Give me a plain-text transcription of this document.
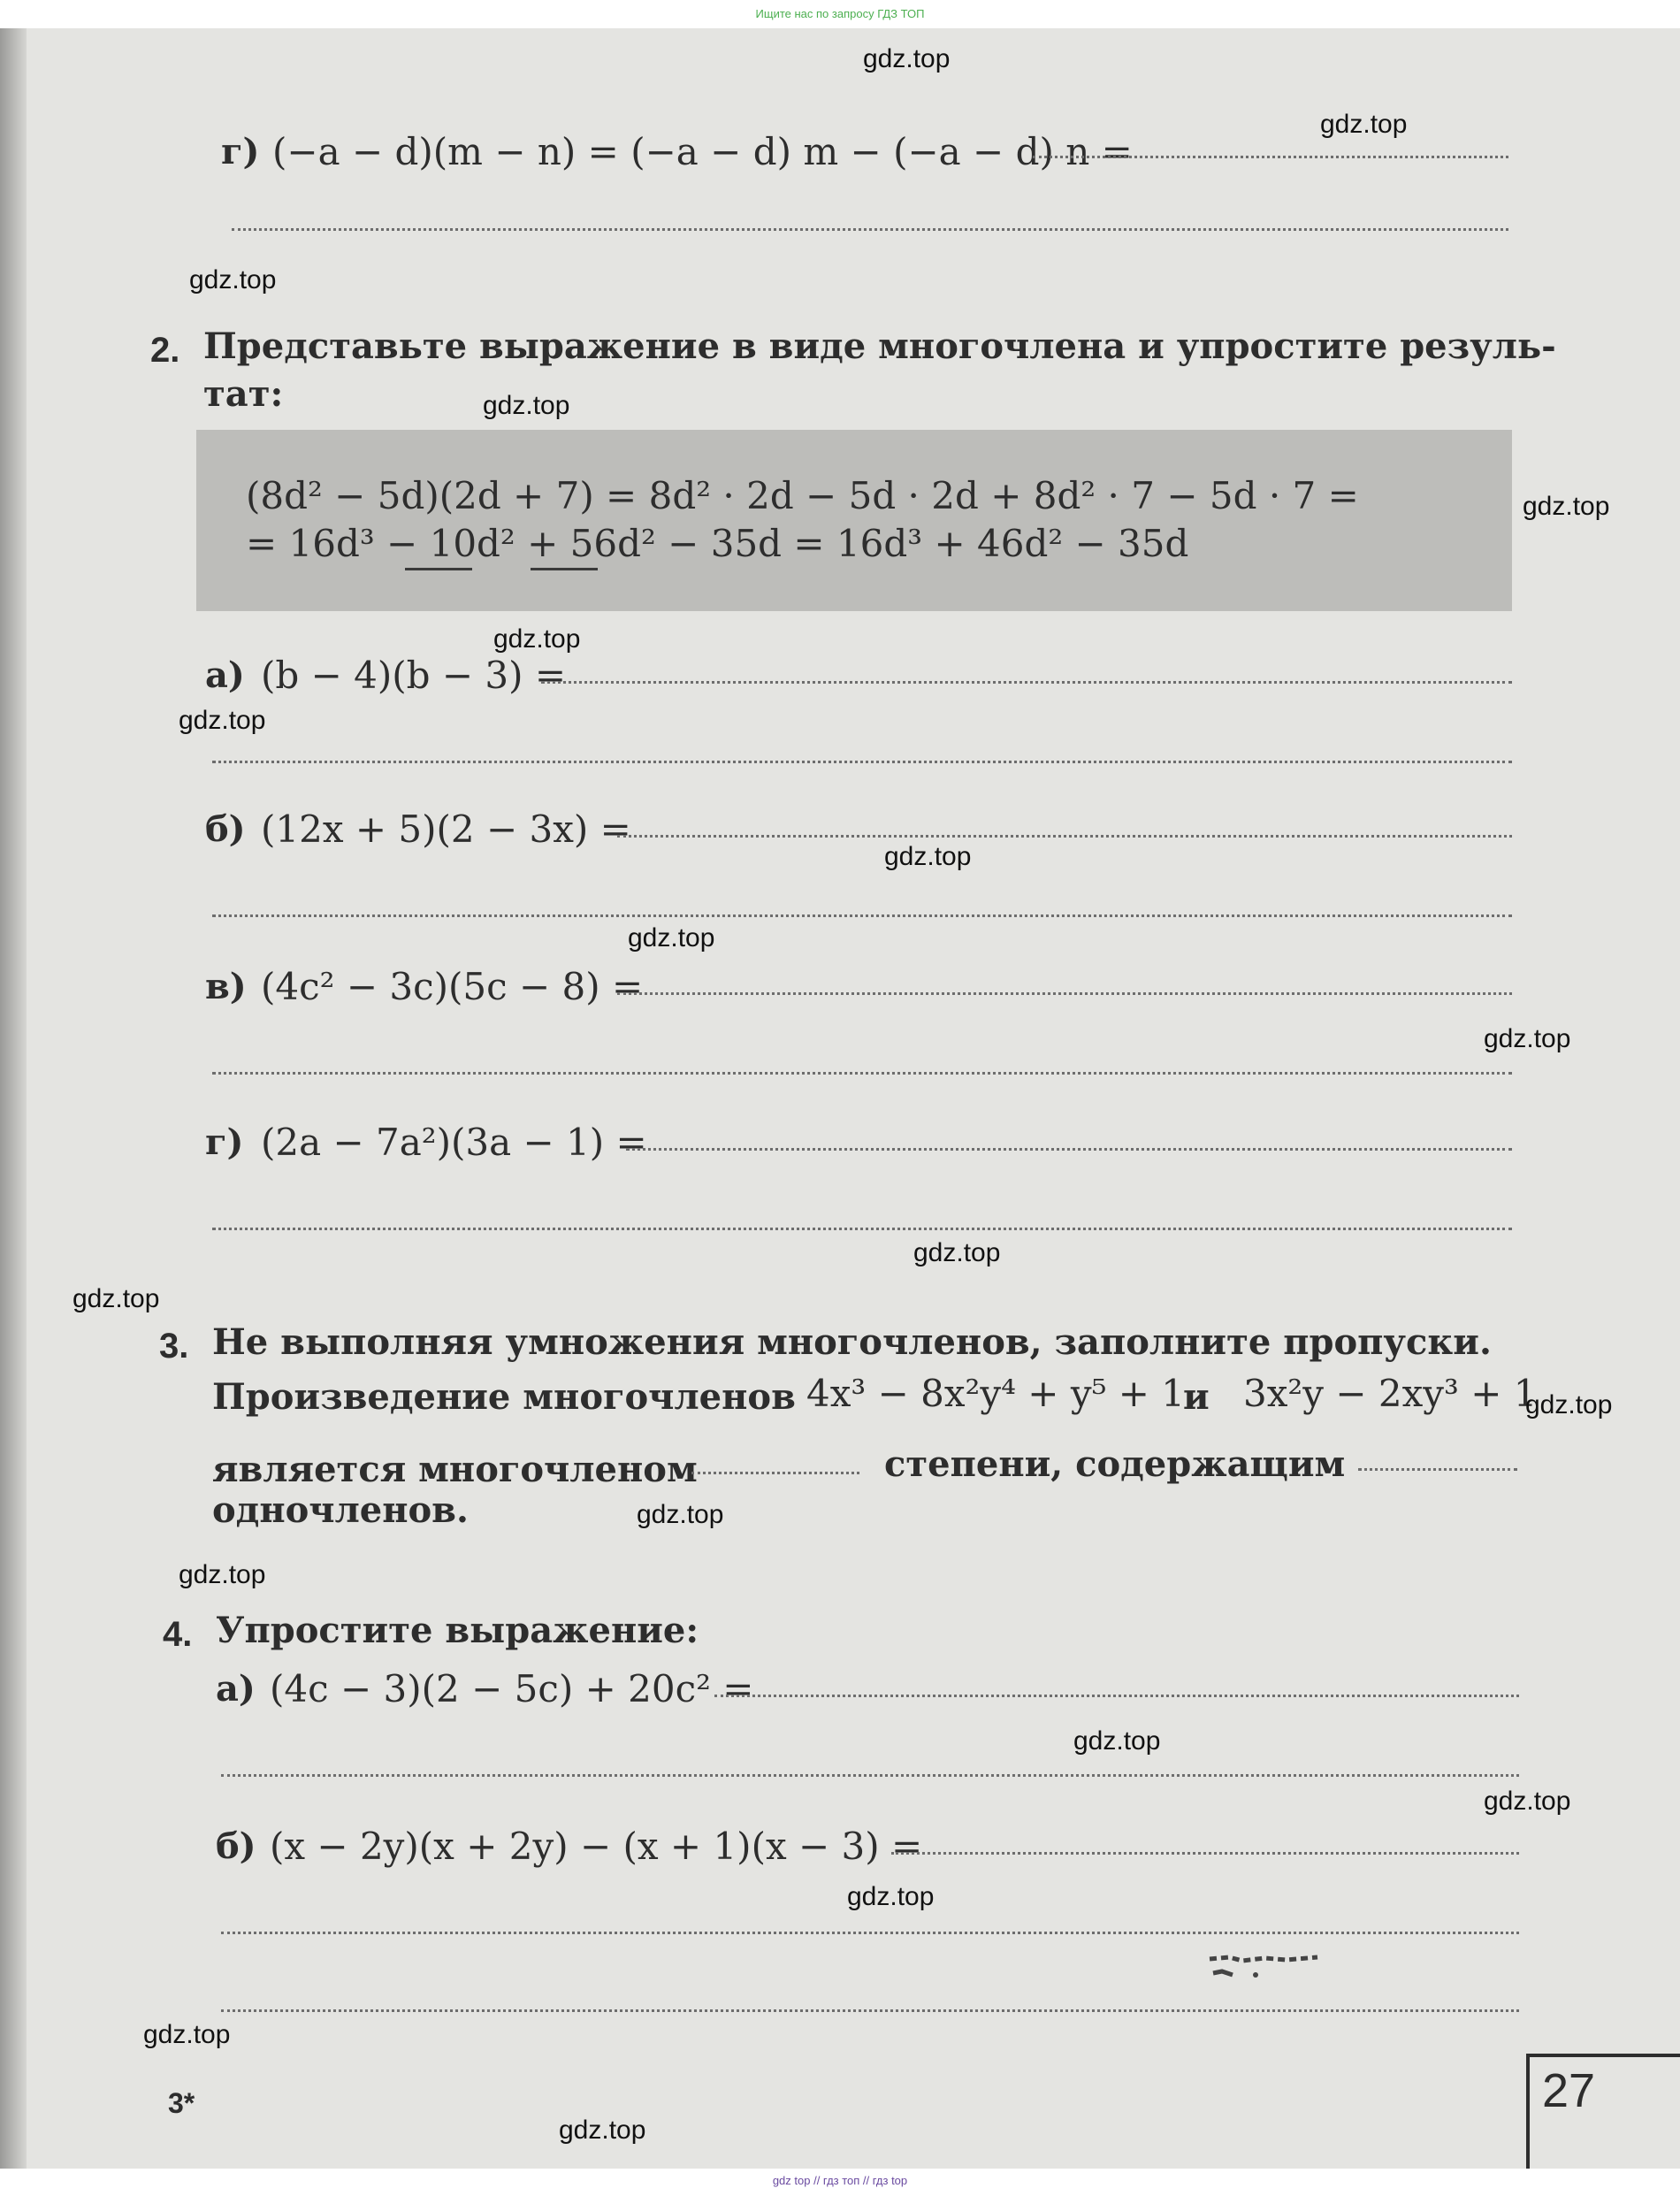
Ищите нас по запросу ГДЗ ТОП
г) (−a − d)(m − n) = (−a − d) m − (−a − d) n =
2. Представьте выражение в виде многочлена и упростите резуль-
тат:
(8d² − 5d)(2d + 7) = 8d² · 2d − 5d · 2d + 8d² · 7 − 5d · 7 =
= 16d³ − 10d² + 56d² − 35d = 16d³ + 46d² − 35d
а) (b − 4)(b − 3) =
б) (12x + 5)(2 − 3x) =
в) (4c² − 3c)(5c − 8) =
г) (2a − 7a²)(3a − 1) =
3. Не выполняя умножения многочленов, заполните пропуски.
Произведение многочленов 4x³ − 8x²y⁴ + y⁵ + 1
и 3x²y − 2xy³ + 1
является многочленом	степени, содержащим
одночленов.
4. Упростите выражение:
а) (4c − 3)(2 − 5c) + 20c² =
б) (x − 2y)(x + 2y) − (x + 1)(x − 3) =
3*	27
gdz.top
gdz.top
gdz.top
gdz.top
gdz.top
gdz.top
gdz.top
gdz.top
gdz.top
gdz.top
gdz.top
gdz.top
gdz.top
gdz.top
gdz.top
gdz.top
gdz.top
gdz.top
gdz.top
gdz.top
gdz top // гдз топ // гдз top
